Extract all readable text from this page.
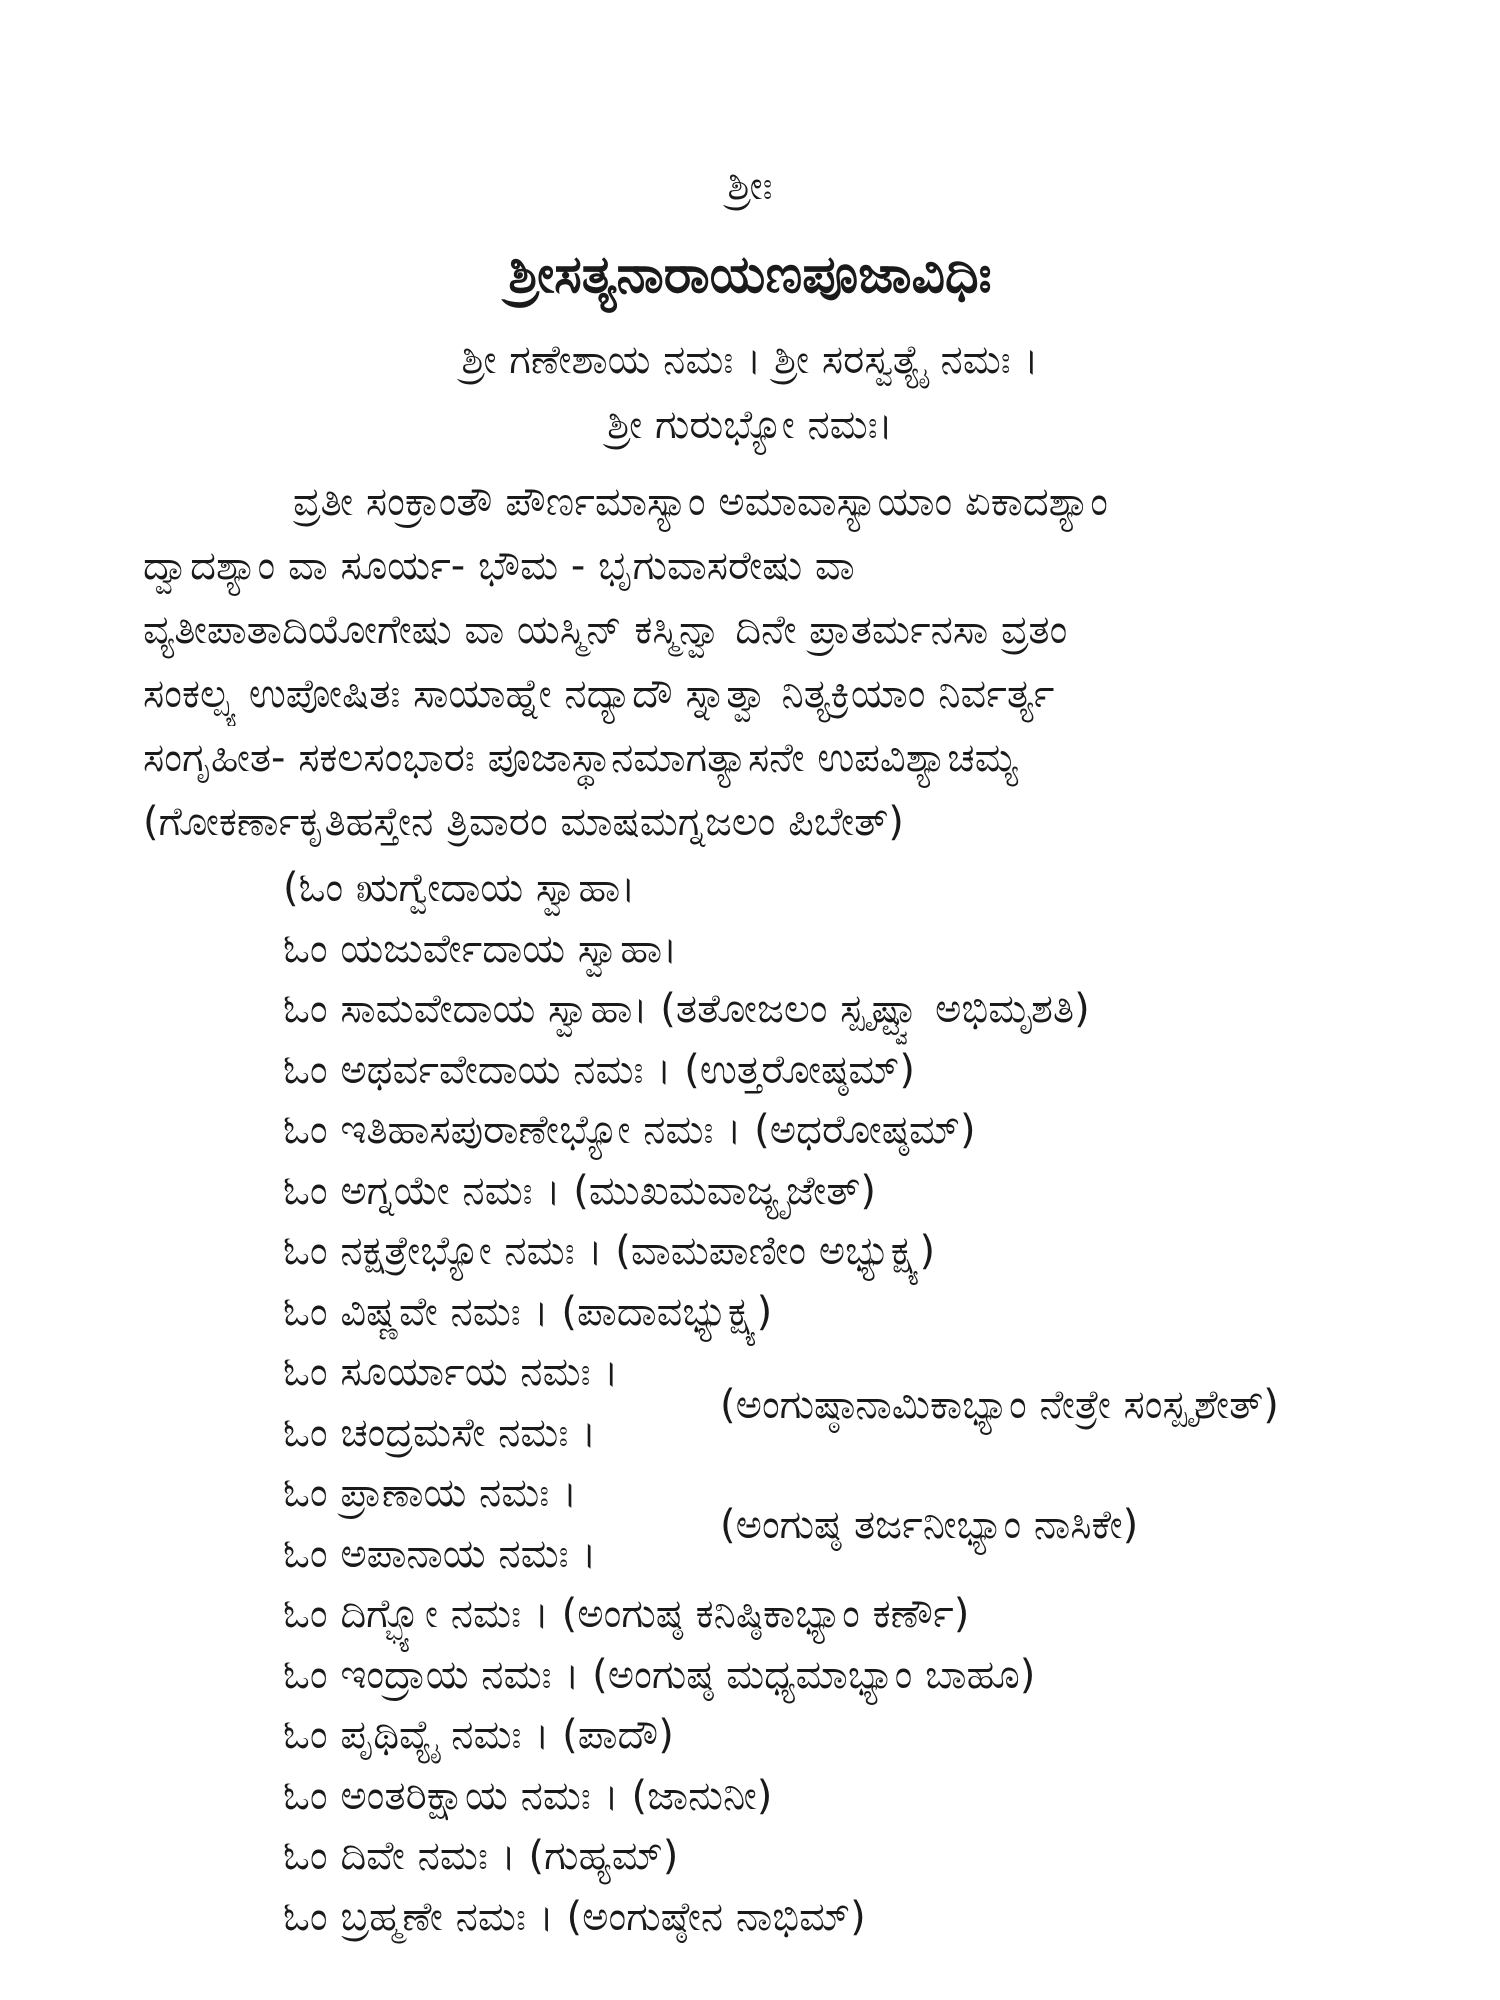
ಶ್ರೀಃ
ಶ್ರೀಸತ್ಯನಾರಾಯಣಪೂಜಾವಿಧಿಃ
ಶ್ರೀ ಗಣೇಶಾಯ ನಮಃ । ಶ್ರೀ ಸರಸ್ವತ್ಯೈ ನಮಃ ।
ಶ್ರೀ ಗುರುಭ್ಯೋ ನಮಃ।
ವ್ರತೀ ಸಂಕ್ರಾಂತೌ ಪೌರ್ಣಮಾಸ್ಯಾಂ ಅಮಾವಾಸ್ಯಾಯಾಂ ಏಕಾದಶ್ಯಾಂ
ದ್ವಾದಶ್ಯಾಂ ವಾ ಸೂರ್ಯ- ಭೌಮ - ಭೃಗುವಾಸರೇಷು ವಾ
ವ್ಯತೀಪಾತಾದಿಯೋಗೇಷು ವಾ ಯಸ್ಮಿನ್ ಕಸ್ಮಿನ್ವಾ ದಿನೇ ಪ್ರಾತರ್ಮನಸಾ ವ್ರತಂ
ಸಂಕಲ್ಪ್ಯ ಉಪೋಷಿತಃ ಸಾಯಾಹ್ನೇ ನದ್ಯಾದೌ ಸ್ನಾತ್ವಾ ನಿತ್ಯಕ್ರಿಯಾಂ ನಿರ್ವರ್ತ್ಯ
ಸಂಗೃಹೀತ- ಸಕಲಸಂಭಾರಃ ಪೂಜಾಸ್ಥಾನಮಾಗತ್ಯಾಸನೇ ಉಪವಿಶ್ಯಾಚಮ್ಯ
(ಗೋಕರ್ಣಾಕೃತಿಹಸ್ತೇನ ತ್ರಿವಾರಂ ಮಾಷಮಗ್ನಜಲಂ ಪಿಬೇತ್)
(ಓಂ ಋಗ್ವೇದಾಯ ಸ್ವಾಹಾ।
ಓಂ ಯಜುರ್ವೇದಾಯ ಸ್ವಾಹಾ।
ಓಂ ಸಾಮವೇದಾಯ ಸ್ವಾಹಾ। (ತತೋಜಲಂ ಸ್ಪೃಷ್ಟ್ವಾ ಅಭಿಮೃಶತಿ)
ಓಂ ಅಥರ್ವವೇದಾಯ ನಮಃ । (ಉತ್ತರೋಷ್ಠಮ್)
ಓಂ ಇತಿಹಾಸಪುರಾಣೇಭ್ಯೋ ನಮಃ । (ಅಧರೋಷ್ಠಮ್)
ಓಂ ಅಗ್ನಯೇ ನಮಃ । (ಮುಖಮವಾಜ್ಯೃಜೇತ್)
ಓಂ ನಕ್ಷತ್ರೇಭ್ಯೋ ನಮಃ । (ವಾಮಪಾಣೀಂ ಅಭ್ಯುಕ್ಷ್ಯ)
ಓಂ ವಿಷ್ಣವೇ ನಮಃ । (ಪಾದಾವಭ್ಯುಕ್ಷ್ಯ)
ಓಂ ಸೂರ್ಯಾಯ ನಮಃ ।
ಓಂ ಚಂದ್ರಮಸೇ ನಮಃ ।
ಓಂ ಪ್ರಾಣಾಯ ನಮಃ ।
ಓಂ ಅಪಾನಾಯ ನಮಃ ।
ಓಂ ದಿಗ್ಭ್ಯೋ ನಮಃ । (ಅಂಗುಷ್ಠ ಕನಿಷ್ಠಿಕಾಭ್ಯಾಂ ಕರ್ಣೌ)
ಓಂ ಇಂದ್ರಾಯ ನಮಃ । (ಅಂಗುಷ್ಠ ಮಧ್ಯಮಾಭ್ಯಾಂ ಬಾಹೂ)
ಓಂ ಪೃಥಿವ್ಯೈ ನಮಃ । (ಪಾದೌ)
ಓಂ ಅಂತರಿಕ್ಷಾಯ ನಮಃ । (ಜಾನುನೀ)
ಓಂ ದಿವೇ ನಮಃ । (ಗುಹ್ಯಮ್)
ಓಂ ಬ್ರಹ್ಮಣೇ ನಮಃ । (ಅಂಗುಷ್ಠೇನ ನಾಭಿಮ್)
(ಅಂಗುಷ್ಠಾನಾಮಿಕಾಭ್ಯಾಂ ನೇತ್ರೇ ಸಂಸ್ಪೃಶೇತ್)
(ಅಂಗುಷ್ಠ ತರ್ಜನೀಭ್ಯಾಂ ನಾಸಿಕೇ)
